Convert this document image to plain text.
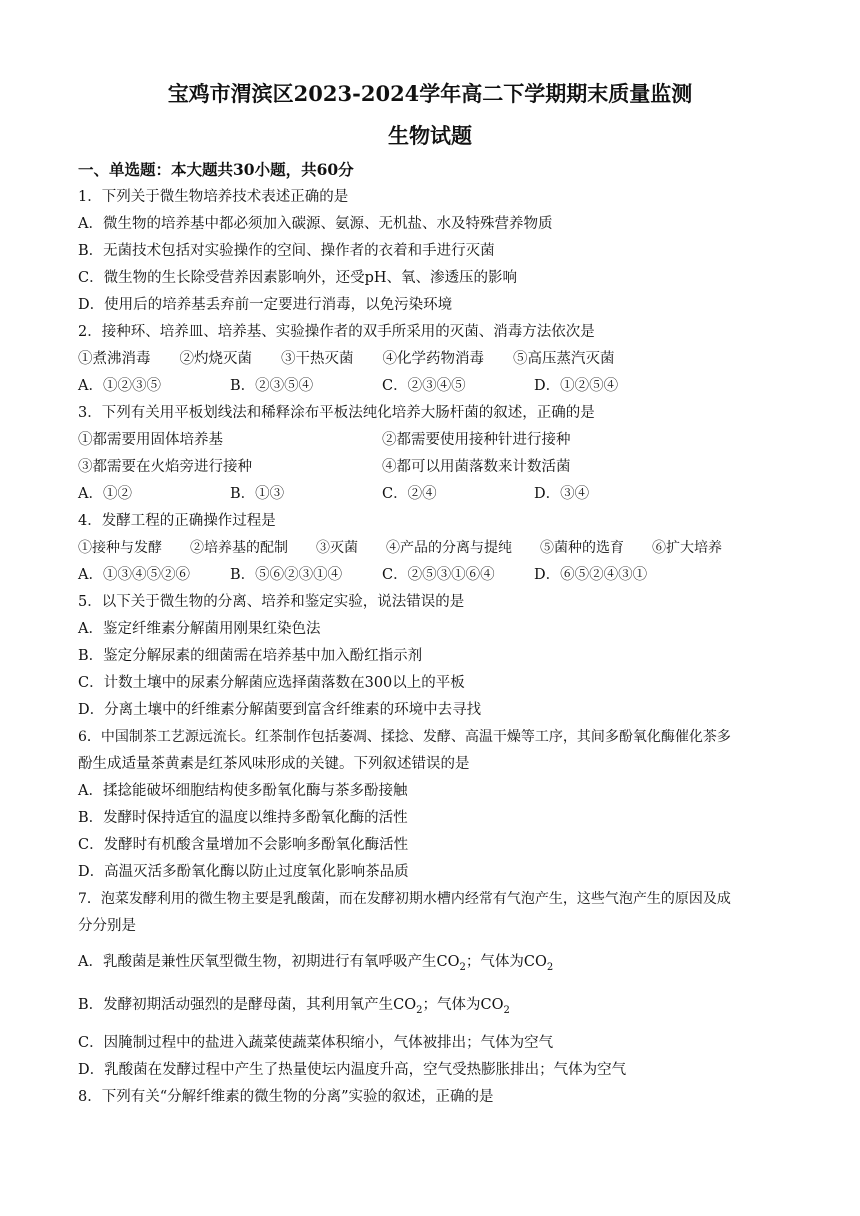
宝鸡市渭滨区2023-2024学年高二下学期期末质量监测
生物试题
一、单选题：本大题共30小题，共60分
1．下列关于微生物培养技术表述正确的是
A．微生物的培养基中都必须加入碳源、氨源、无机盐、水及特殊营养物质
B．无菌技术包括对实验操作的空间、操作者的衣着和手进行灭菌
C．微生物的生长除受营养因素影响外，还受pH、氧、渗透压的影响
D．使用后的培养基丢弃前一定要进行消毒，以免污染环境
2．接种环、培养皿、培养基、实验操作者的双手所采用的灭菌、消毒方法依次是
①煮沸消毒　　②灼烧灭菌　　③干热灭菌　　④化学药物消毒　　⑤高压蒸汽灭菌
A．①②③⑤	B．②③⑤④	C．②③④⑤	D．①②⑤④
3．下列有关用平板划线法和稀释涂布平板法纯化培养大肠杆菌的叙述，正确的是
①都需要用固体培养基	②都需要使用接种针进行接种
③都需要在火焰旁进行接种	④都可以用菌落数来计数活菌
A．①②	B．①③	C．②④	D．③④
4．发酵工程的正确操作过程是
①接种与发酵　　②培养基的配制　　③灭菌　　④产品的分离与提纯　　⑤菌种的选育　　⑥扩大培养
A．①③④⑤②⑥	B．⑤⑥②③①④	C．②⑤③①⑥④	D．⑥⑤②④③①
5．以下关于微生物的分离、培养和鉴定实验，说法错误的是
A．鉴定纤维素分解菌用刚果红染色法
B．鉴定分解尿素的细菌需在培养基中加入酚红指示剂
C．计数土壤中的尿素分解菌应选择菌落数在300以上的平板
D．分离土壤中的纤维素分解菌要到富含纤维素的环境中去寻找
6．中国制茶工艺源远流长。红茶制作包括萎凋、揉捻、发酵、高温干燥等工序，其间多酚氧化酶催化茶多
酚生成适量茶黄素是红茶风味形成的关键。下列叙述错误的是
A．揉捻能破坏细胞结构使多酚氧化酶与茶多酚接触
B．发酵时保持适宜的温度以维持多酚氧化酶的活性
C．发酵时有机酸含量增加不会影响多酚氧化酶活性
D．高温灭活多酚氧化酶以防止过度氧化影响茶品质
7．泡菜发酵利用的微生物主要是乳酸菌，而在发酵初期水槽内经常有气泡产生，这些气泡产生的原因及成
分分别是
A．乳酸菌是兼性厌氧型微生物，初期进行有氧呼吸产生$CO_2$；气体为$CO_2$
B．发酵初期活动强烈的是酵母菌，其利用氧产生$CO_2$；气体为$CO_2$
C．因腌制过程中的盐进入蔬菜使蔬菜体积缩小，气体被排出；气体为空气
D．乳酸菌在发酵过程中产生了热量使坛内温度升高，空气受热膨胀排出；气体为空气
8．下列有关“分解纤维素的微生物的分离”实验的叙述，正确的是
